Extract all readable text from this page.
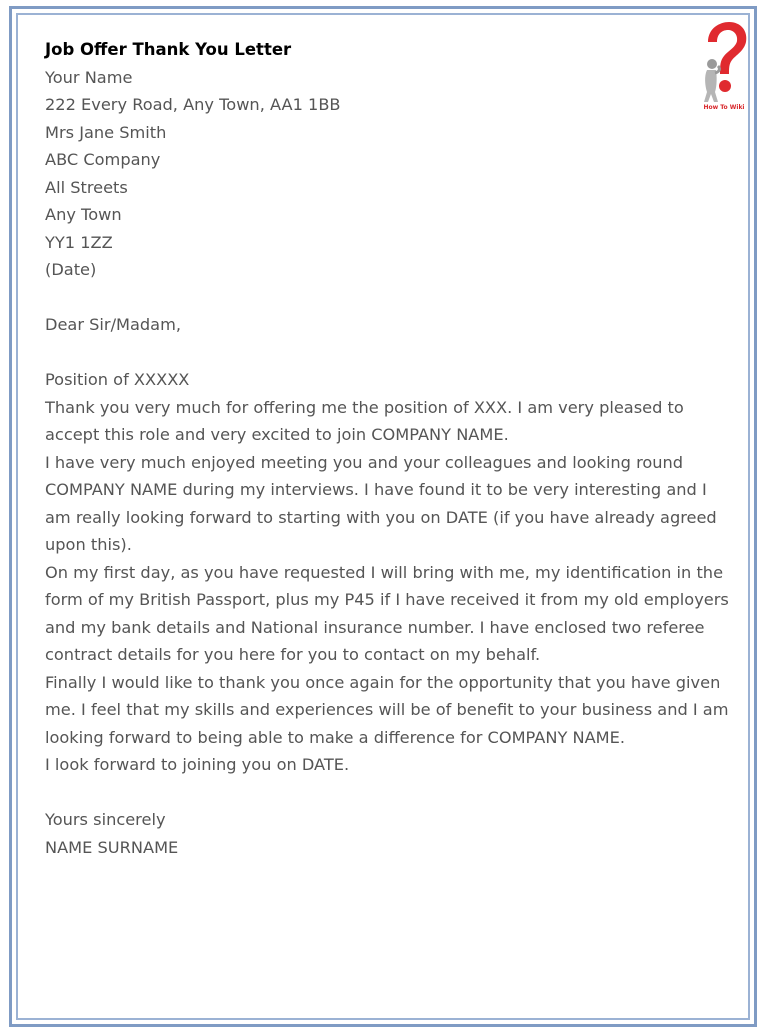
How To Wiki

Job Offer Thank You Letter

Your Name

222 Every Road, Any Town, AA1 1BB

Mrs Jane Smith

ABC Company

All Streets

Any Town

YY1 1ZZ

(Date)

Dear Sir/Madam,

Position of XXXXX

Thank you very much for offering me the position of XXX. I am very pleased to accept this role and very excited to join COMPANY NAME.

I have very much enjoyed meeting you and your colleagues and looking round COMPANY NAME during my interviews. I have found it to be very interesting and I am really looking forward to starting with you on DATE (if you have already agreed upon this).

On my first day, as you have requested I will bring with me, my identification in the form of my British Passport, plus my P45 if I have received it from my old employers and my bank details and National insurance number. I have enclosed two referee contract details for you here for you to contact on my behalf.

Finally I would like to thank you once again for the opportunity that you have given me. I feel that my skills and experiences will be of benefit to your business and I am looking forward to being able to make a difference for COMPANY NAME.

I look forward to joining you on DATE.

Yours sincerely

NAME SURNAME
